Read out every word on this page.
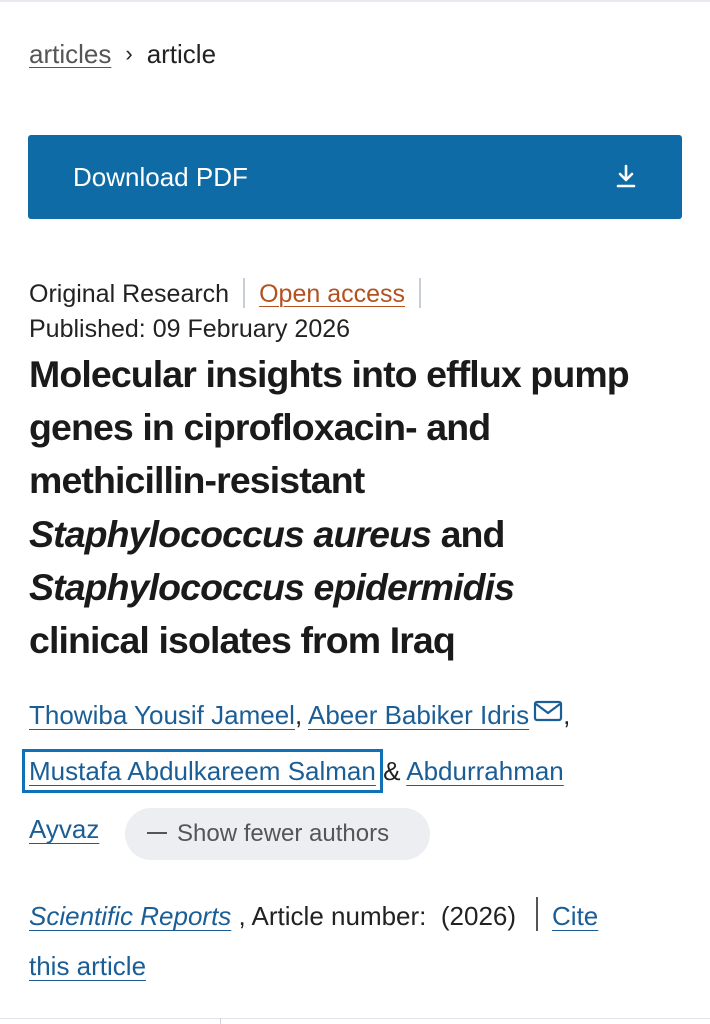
articles › article
Download PDF
Original Research Open access
Published: 09 February 2026
Molecular insights into efflux pump
genes in ciprofloxacin- and
methicillin-resistant
Staphylococcus aureus and
Staphylococcus epidermidis
clinical isolates from Iraq
Thowiba Yousif Jameel, Abeer Babiker Idris ,
Mustafa Abdulkareem Salman & Abdurrahman
Ayvaz	Show fewer authors
Scientific Reports , Article number: (2026) Cite
this article
